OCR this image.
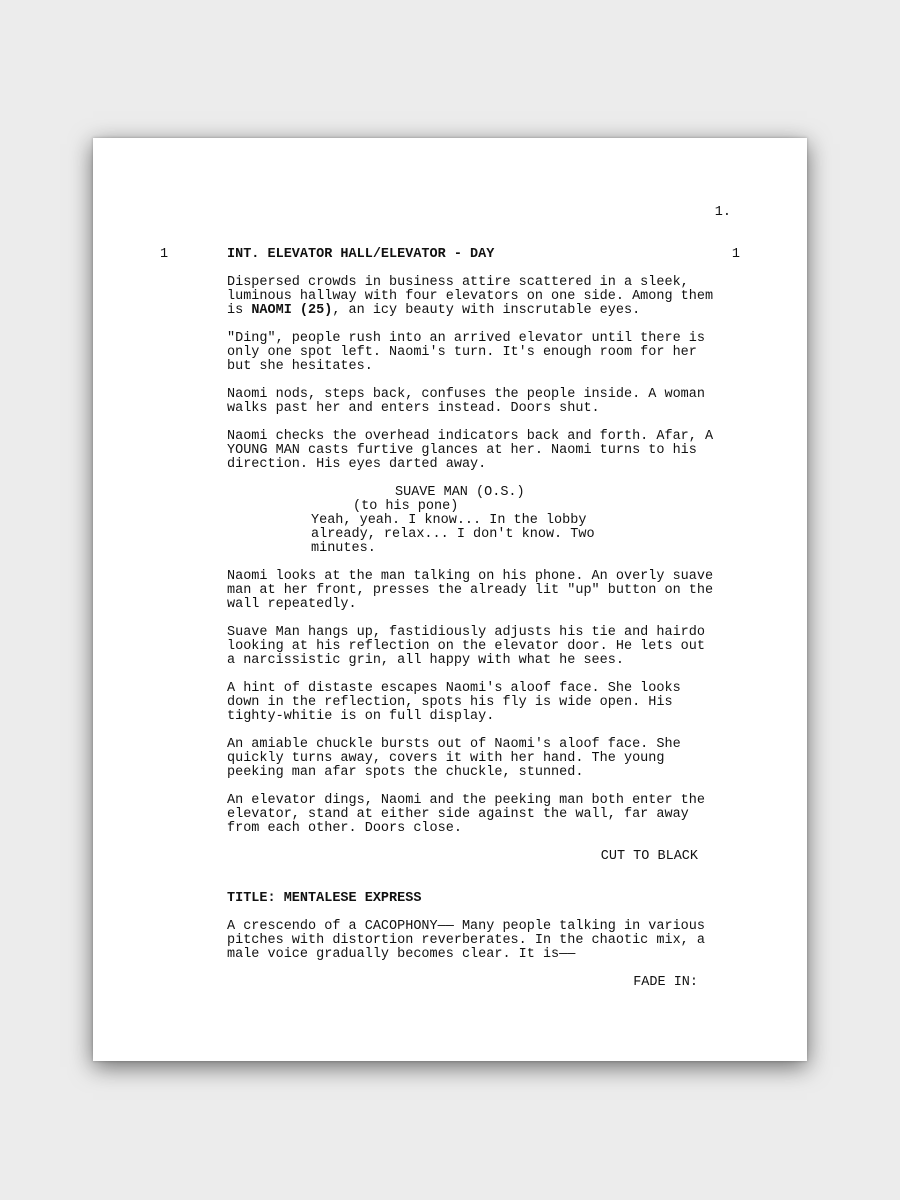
1.
1	INT. ELEVATOR HALL/ELEVATOR - DAY	1
Dispersed crowds in business attire scattered in a sleek,
luminous hallway with four elevators on one side. Among them
is NAOMI (25), an icy beauty with inscrutable eyes.
"Ding", people rush into an arrived elevator until there is
only one spot left. Naomi's turn. It's enough room for her
but she hesitates.
Naomi nods, steps back, confuses the people inside. A woman
walks past her and enters instead. Doors shut.
Naomi checks the overhead indicators back and forth. Afar, A
YOUNG MAN casts furtive glances at her. Naomi turns to his
direction. His eyes darted away.
SUAVE MAN (O.S.)
(to his pone)
Yeah, yeah. I know... In the lobby
already, relax... I don't know. Two
minutes.
Naomi looks at the man talking on his phone. An overly suave
man at her front, presses the already lit "up" button on the
wall repeatedly.
Suave Man hangs up, fastidiously adjusts his tie and hairdo
looking at his reflection on the elevator door. He lets out
a narcissistic grin, all happy with what he sees.
A hint of distaste escapes Naomi's aloof face. She looks
down in the reflection, spots his fly is wide open. His
tighty-whitie is on full display.
An amiable chuckle bursts out of Naomi's aloof face. She
quickly turns away, covers it with her hand. The young
peeking man afar spots the chuckle, stunned.
An elevator dings, Naomi and the peeking man both enter the
elevator, stand at either side against the wall, far away
from each other. Doors close.
CUT TO BLACK
TITLE: MENTALESE EXPRESS
A crescendo of a CACOPHONY—— Many people talking in various
pitches with distortion reverberates. In the chaotic mix, a
male voice gradually becomes clear. It is——
FADE IN:
